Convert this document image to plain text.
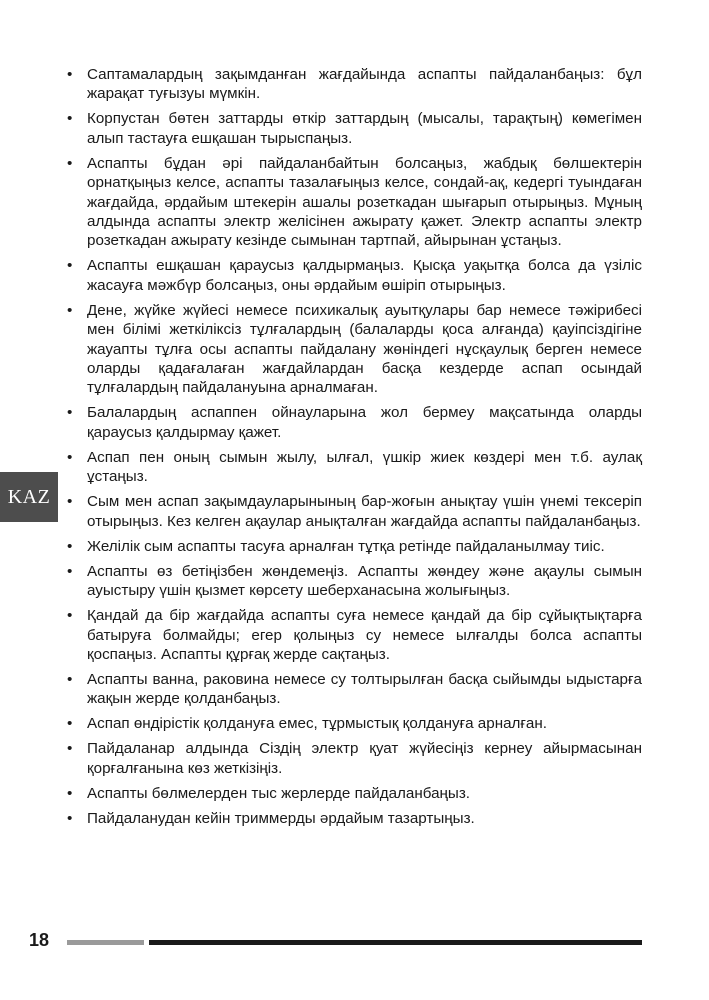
• Саптамалардың зақымданған жағдайында аспапты пайдаланбаңыз: бұл жарақат туғызуы мүмкін.
• Корпустан бөтен заттарды өткір заттардың (мысалы, тарақтың) көмегімен алып тастауға ешқашан тырыспаңыз.
• Аспапты бұдан әрі пайдаланбайтын болсаңыз, жабдық бөлшектерін орнатқыңыз келсе, аспапты тазалағыңыз келсе, сондай-ақ, кедергі туындаған жағдайда, әрдайым штекерін ашалы розеткадан шығарып отырыңыз. Мұның алдында аспапты электр желісінен ажырату қажет. Электр аспапты электр розеткадан ажырату кезінде сымынан тартпай, айырынан ұстаңыз.
• Аспапты ешқашан қараусыз қалдырмаңыз. Қысқа уақытқа болса да үзіліс жасауға мәжбүр болсаңыз, оны әрдайым өшіріп отырыңыз.
• Дене, жүйке жүйесі немесе психикалық ауытқулары бар немесе тәжірибесі мен білімі жеткіліксіз тұлғалардың (балаларды қоса алғанда) қауіпсіздігіне жауапты тұлға осы аспапты пайдалану жөніндегі нұсқаулық берген немесе оларды қадағалаған жағдайлардан басқа кездерде аспап осындай тұлғалардың пайдалануына арналмаған.
• Балалардың аспаппен ойнауларына жол бермеу мақсатында оларды қараусыз қалдырмау қажет.
• Аспап пен оның сымын жылу, ылғал, үшкір жиек көздері мен т.б. аулақ ұстаңыз.
• Сым мен аспап зақымдауларынының бар-жоғын анықтау үшін үнемі тексеріп отырыңыз. Кез келген ақаулар анықталған жағдайда аспапты пайдаланбаңыз.
• Желілік сым аспапты тасуға арналған тұтқа ретінде пайдаланылмау тиіс.
• Аспапты өз бетіңізбен жөндемеңіз. Аспапты жөндеу және ақаулы сымын ауыстыру үшін қызмет көрсету шеберханасына жолығыңыз.
• Қандай да бір жағдайда аспапты суға немесе қандай да бір сұйықтықтарға батыруға болмайды; егер қолыңыз су немесе ылғалды болса аспапты қоспаңыз. Аспапты құрғақ жерде сақтаңыз.
• Аспапты ванна, раковина немесе су толтырылған басқа сыйымды ыдыстарға жақын жерде қолданбаңыз.
• Аспап өндірістік қолдануға емес, тұрмыстық қолдануға арналған.
• Пайдаланар алдында Сіздің электр қуат жүйесіңіз кернеу айырмасынан қорғалғанына көз жеткізіңіз.
• Аспапты бөлмелерден тыс жерлерде пайдаланбаңыз.
• Пайдаланудан кейін триммерды әрдайым тазартыңыз.
KAZ
18
